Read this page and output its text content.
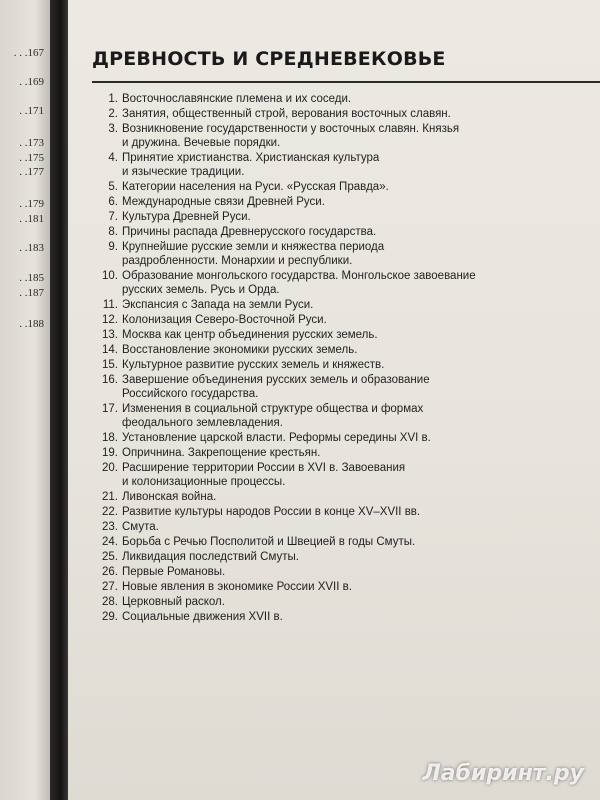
. . .167
. .169
. .171
. .173
. .175
. .177
. .179
. .181
. .183
. .185
. .187
. .188
ДРЕВНОСТЬ И СРЕДНЕВЕКОВЬЕ
1. Восточнославянские племена и их соседи.
2. Занятия, общественный строй, верования восточных славян.
3. Возникновение государственности у восточных славян. Князья
и дружина. Вечевые порядки.
4. Принятие христианства. Христианская культура
и языческие традиции.
5. Категории населения на Руси. «Русская Правда».
6. Международные связи Древней Руси.
7. Культура Древней Руси.
8. Причины распада Древнерусского государства.
9. Крупнейшие русские земли и княжества периода
раздробленности. Монархии и республики.
10. Образование монгольского государства. Монгольское завоевание
русских земель. Русь и Орда.
11. Экспансия с Запада на земли Руси.
12. Колонизация Северо-Восточной Руси.
13. Москва как центр объединения русских земель.
14. Восстановление экономики русских земель.
15. Культурное развитие русских земель и княжеств.
16. Завершение объединения русских земель и образование
Российского государства.
17. Изменения в социальной структуре общества и формах
феодального землевладения.
18. Установление царской власти. Реформы середины XVI в.
19. Опричнина. Закрепощение крестьян.
20. Расширение территории России в XVI в. Завоевания
и колонизационные процессы.
21. Ливонская война.
22. Развитие культуры народов России в конце XV–XVII вв.
23. Смута.
24. Борьба с Речью Посполитой и Швецией в годы Смуты.
25. Ликвидация последствий Смуты.
26. Первые Романовы.
27. Новые явления в экономике России XVII в.
28. Церковный раскол.
29. Социальные движения XVII в.
Лабиринт.ру
